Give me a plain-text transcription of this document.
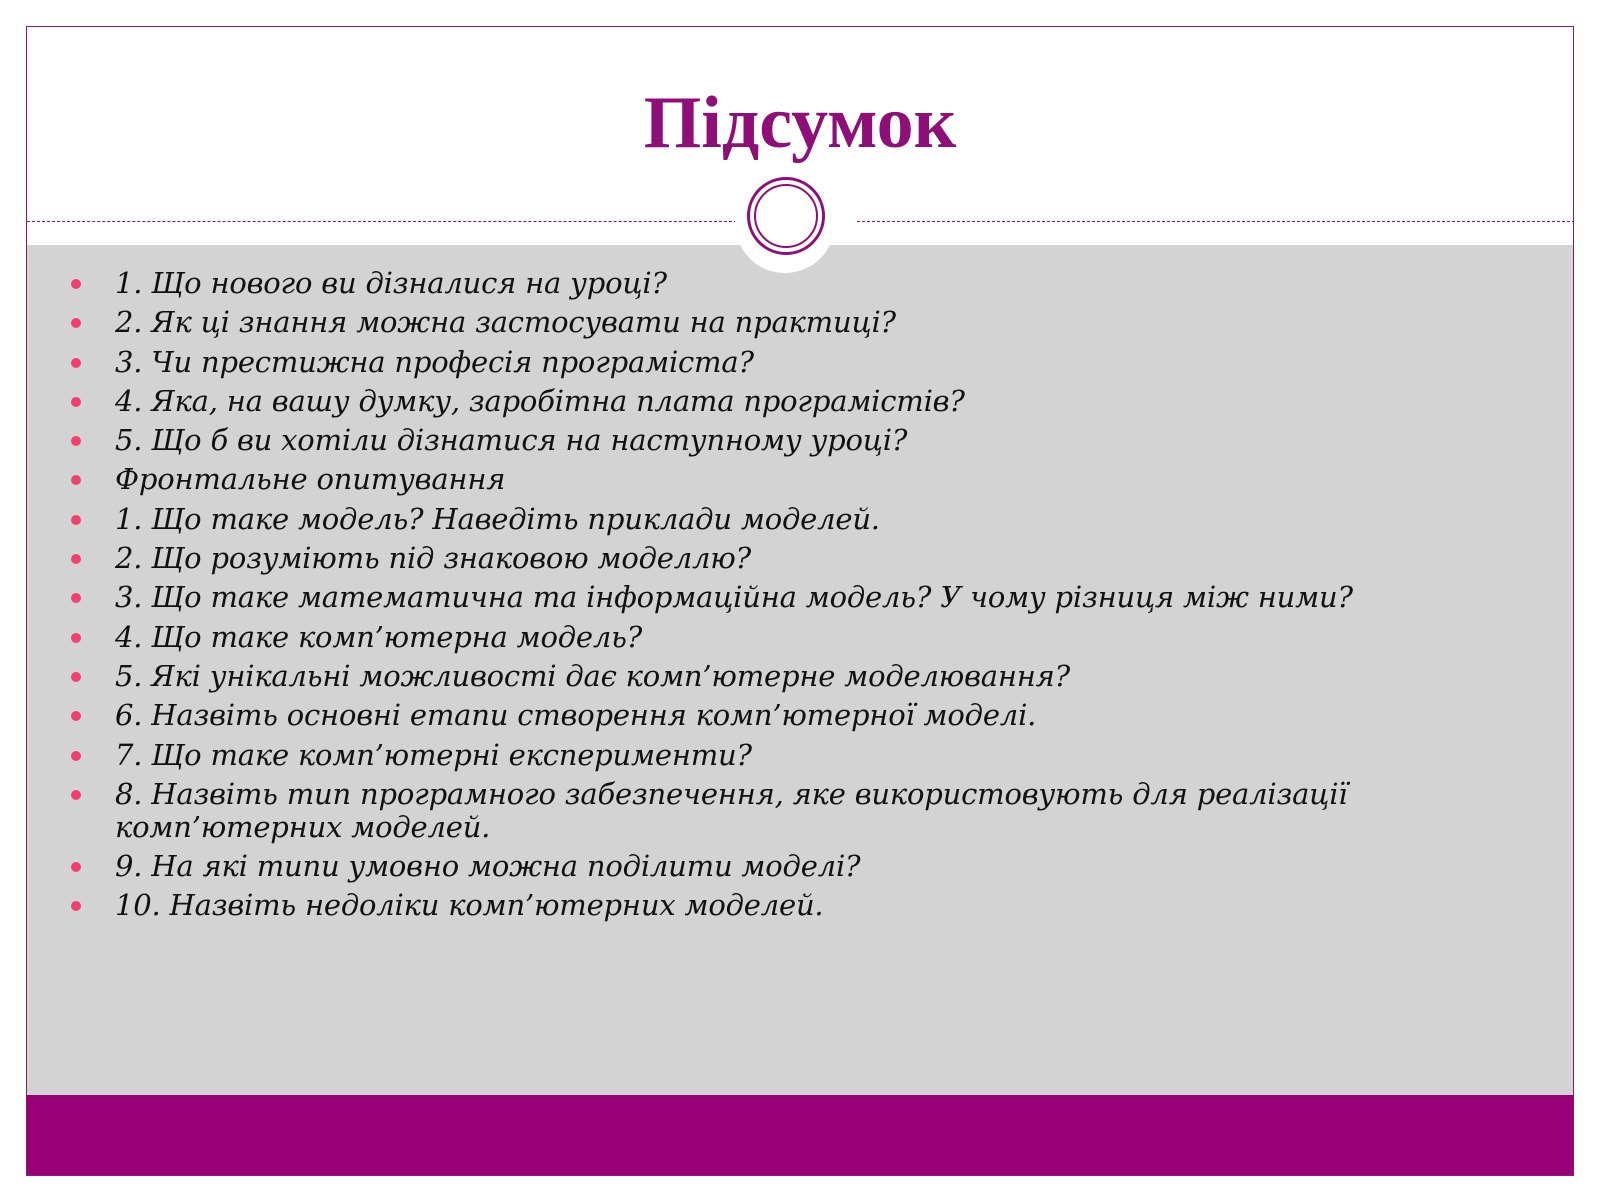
Підсумок
1. Що нового ви дізналися на уроці?
2. Як ці знання можна застосувати на практиці?
3. Чи престижна професія програміста?
4. Яка, на вашу думку, заробітна плата програмістів?
5. Що б ви хотіли дізнатися на наступному уроці?
Фронтальне опитування
1. Що таке модель? Наведіть приклади моделей.
2. Що розуміють під знаковою моделлю?
3. Що таке математична та інформаційна модель? У чому різниця між ними?
4. Що таке комп’ютерна модель?
5. Які унікальні можливості дає комп’ютерне моделювання?
6. Назвіть основні етапи створення комп’ютерної моделі.
7. Що таке комп’ютерні експерименти?
8. Назвіть тип програмного забезпечення, яке використовують для реалізації комп’ютерних моделей.
9. На які типи умовно можна поділити моделі?
10. Назвіть недоліки комп’ютерних моделей.
